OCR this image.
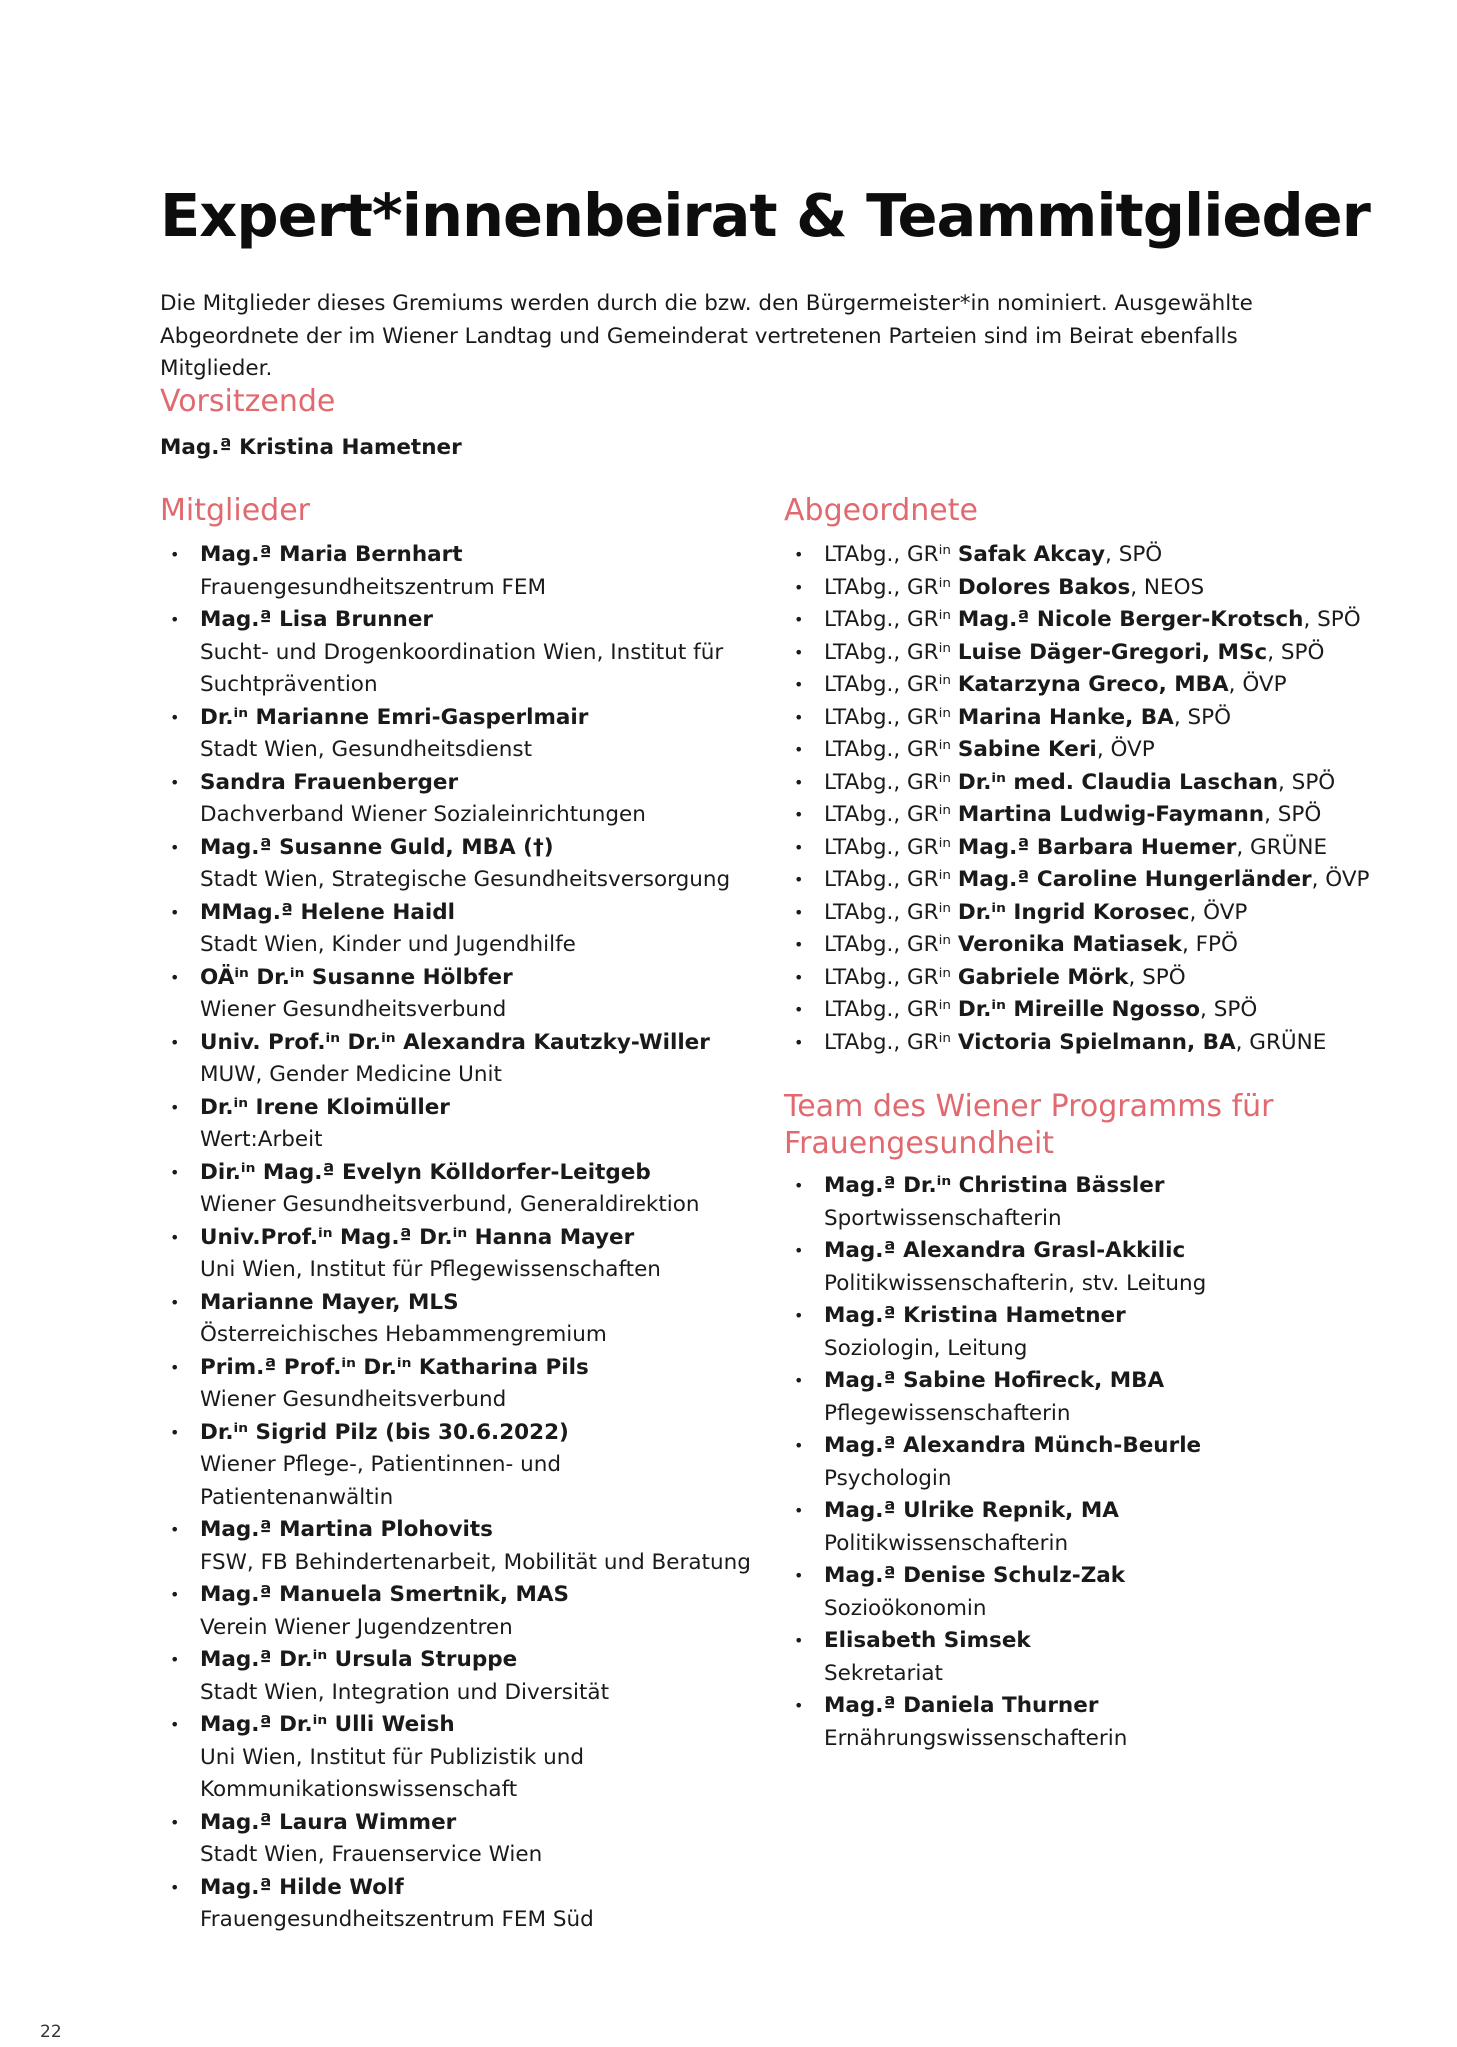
Expert*innenbeirat & Teammitglieder

Die Mitglieder dieses Gremiums werden durch die bzw. den Bürgermeister*in nominiert. Ausgewählte Abgeordnete der im Wiener Landtag und Gemeinderat vertretenen Parteien sind im Beirat ebenfalls Mitglieder.

Vorsitzende

Mag.ª Kristina Hametner

Mitglieder
• Mag.ª Maria Bernhart
Frauengesundheitszentrum FEM
• Mag.ª Lisa Brunner
Sucht- und Drogenkoordination Wien, Institut für Suchtprävention
• Dr.ⁱⁿ Marianne Emri-Gasperlmair
Stadt Wien, Gesundheitsdienst
• Sandra Frauenberger
Dachverband Wiener Sozialeinrichtungen
• Mag.ª Susanne Guld, MBA (†)
Stadt Wien, Strategische Gesundheitsversorgung
• MMag.ª Helene Haidl
Stadt Wien, Kinder und Jugendhilfe
• OÄⁱⁿ Dr.ⁱⁿ Susanne Hölbfer
Wiener Gesundheitsverbund
• Univ. Prof.ⁱⁿ Dr.ⁱⁿ Alexandra Kautzky-Willer
MUW, Gender Medicine Unit
• Dr.ⁱⁿ Irene Kloimüller
Wert:Arbeit
• Dir.ⁱⁿ Mag.ª Evelyn Kölldorfer-Leitgeb
Wiener Gesundheitsverbund, Generaldirektion
• Univ.Prof.ⁱⁿ Mag.ª Dr.ⁱⁿ Hanna Mayer
Uni Wien, Institut für Pflegewissenschaften
• Marianne Mayer, MLS
Österreichisches Hebammengremium
• Prim.ª Prof.ⁱⁿ Dr.ⁱⁿ Katharina Pils
Wiener Gesundheitsverbund
• Dr.ⁱⁿ Sigrid Pilz (bis 30.6.2022)
Wiener Pflege-, Patientinnen- und Patientenanwältin
• Mag.ª Martina Plohovits
FSW, FB Behindertenarbeit, Mobilität und Beratung
• Mag.ª Manuela Smertnik, MAS
Verein Wiener Jugendzentren
• Mag.ª Dr.ⁱⁿ Ursula Struppe
Stadt Wien, Integration und Diversität
• Mag.ª Dr.ⁱⁿ Ulli Weish
Uni Wien, Institut für Publizistik und Kommunikationswissenschaft
• Mag.ª Laura Wimmer
Stadt Wien, Frauenservice Wien
• Mag.ª Hilde Wolf
Frauengesundheitszentrum FEM Süd
Abgeordnete
• LTAbg., GRⁱⁿ Safak Akcay, SPÖ
• LTAbg., GRⁱⁿ Dolores Bakos, NEOS
• LTAbg., GRⁱⁿ Mag.ª Nicole Berger-Krotsch, SPÖ
• LTAbg., GRⁱⁿ Luise Däger-Gregori, MSc, SPÖ
• LTAbg., GRⁱⁿ Katarzyna Greco, MBA, ÖVP
• LTAbg., GRⁱⁿ Marina Hanke, BA, SPÖ
• LTAbg., GRⁱⁿ Sabine Keri, ÖVP
• LTAbg., GRⁱⁿ Dr.ⁱⁿ med. Claudia Laschan, SPÖ
• LTAbg., GRⁱⁿ Martina Ludwig-Faymann, SPÖ
• LTAbg., GRⁱⁿ Mag.ª Barbara Huemer, GRÜNE
• LTAbg., GRⁱⁿ Mag.ª Caroline Hungerländer, ÖVP
• LTAbg., GRⁱⁿ Dr.ⁱⁿ Ingrid Korosec, ÖVP
• LTAbg., GRⁱⁿ Veronika Matiasek, FPÖ
• LTAbg., GRⁱⁿ Gabriele Mörk, SPÖ
• LTAbg., GRⁱⁿ Dr.ⁱⁿ Mireille Ngosso, SPÖ
• LTAbg., GRⁱⁿ Victoria Spielmann, BA, GRÜNE
Team des Wiener Programms für Frauengesundheit
• Mag.ª Dr.ⁱⁿ Christina Bässler
Sportwissenschafterin
• Mag.ª Alexandra Grasl-Akkilic
Politikwissenschafterin, stv. Leitung
• Mag.ª Kristina Hametner
Soziologin, Leitung
• Mag.ª Sabine Hofireck, MBA
Pflegewissenschafterin
• Mag.ª Alexandra Münch-Beurle
Psychologin
• Mag.ª Ulrike Repnik, MA
Politikwissenschafterin
• Mag.ª Denise Schulz-Zak
Sozioökonomin
• Elisabeth Simsek
Sekretariat
• Mag.ª Daniela Thurner
Ernährungswissenschafterin
22
